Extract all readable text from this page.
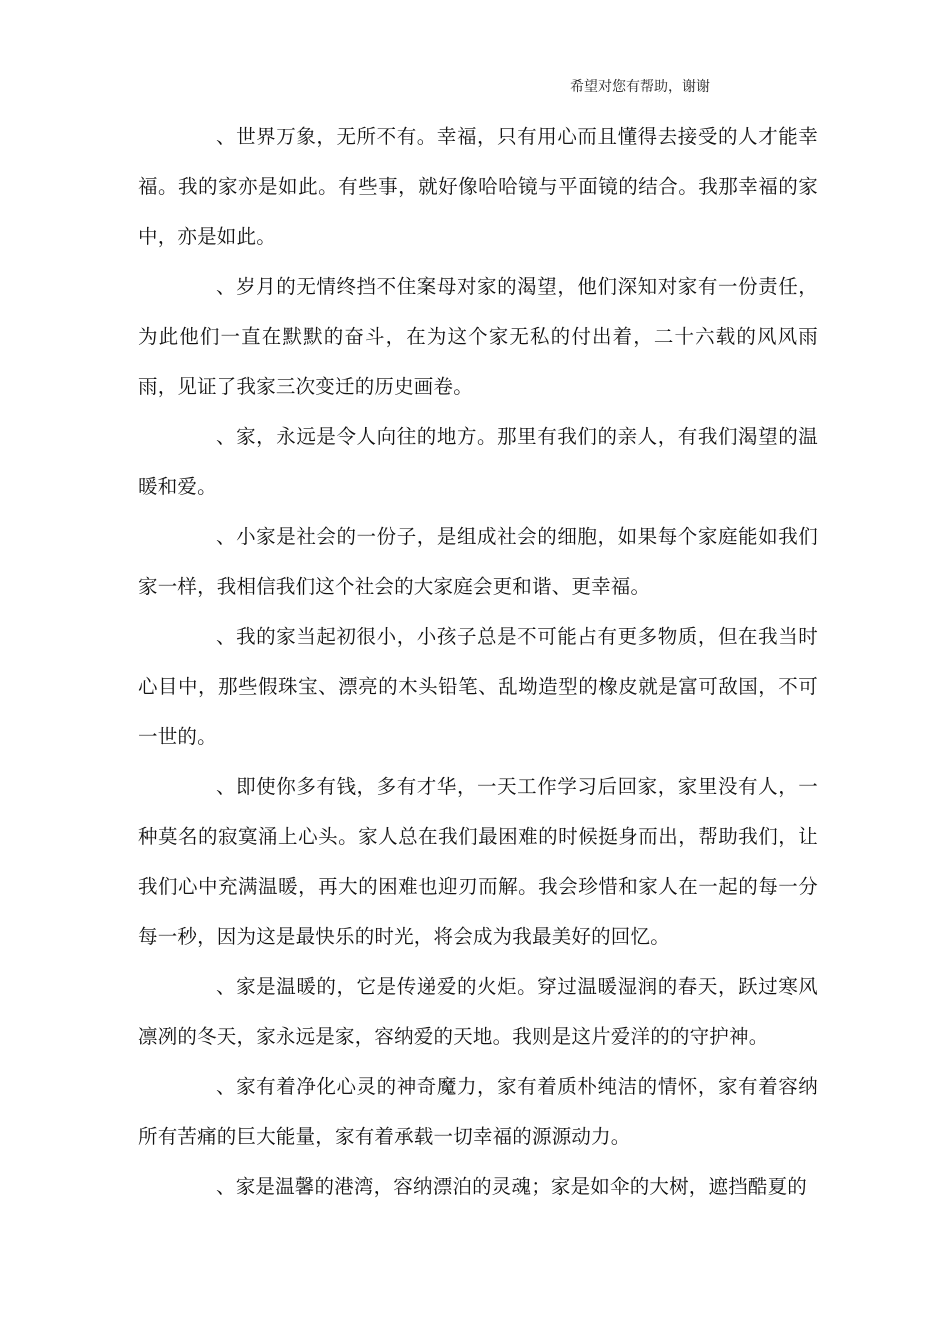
希望对您有帮助，谢谢

、世界万象，无所不有。幸福，只有用心而且懂得去接受的人才能幸福。我的家亦是如此。有些事，就好像哈哈镜与平面镜的结合。我那幸福的家中，亦是如此。

、岁月的无情终挡不住案母对家的渴望，他们深知对家有一份责任，为此他们一直在默默的奋斗，在为这个家无私的付出着，二十六载的风风雨雨，见证了我家三次变迁的历史画卷。

、家，永远是令人向往的地方。那里有我们的亲人，有我们渴望的温暖和爱。

、小家是社会的一份子，是组成社会的细胞，如果每个家庭能如我们家一样，我相信我们这个社会的大家庭会更和谐、更幸福。

、我的家当起初很小，小孩子总是不可能占有更多物质，但在我当时心目中，那些假珠宝、漂亮的木头铅笔、乱坳造型的橡皮就是富可敌国，不可一世的。

、即使你多有钱，多有才华，一天工作学习后回家，家里没有人，一种莫名的寂寞涌上心头。家人总在我们最困难的时候挺身而出，帮助我们，让我们心中充满温暖，再大的困难也迎刃而解。我会珍惜和家人在一起的每一分每一秒，因为这是最快乐的时光，将会成为我最美好的回忆。

、家是温暖的，它是传递爱的火炬。穿过温暖湿润的春天，跃过寒风凛冽的冬天，家永远是家，容纳爱的天地。我则是这片爱洋的的守护神。

、家有着净化心灵的神奇魔力，家有着质朴纯洁的情怀，家有着容纳所有苦痛的巨大能量，家有着承载一切幸福的源源动力。

、家是温馨的港湾，容纳漂泊的灵魂；家是如伞的大树，遮挡酷夏的
